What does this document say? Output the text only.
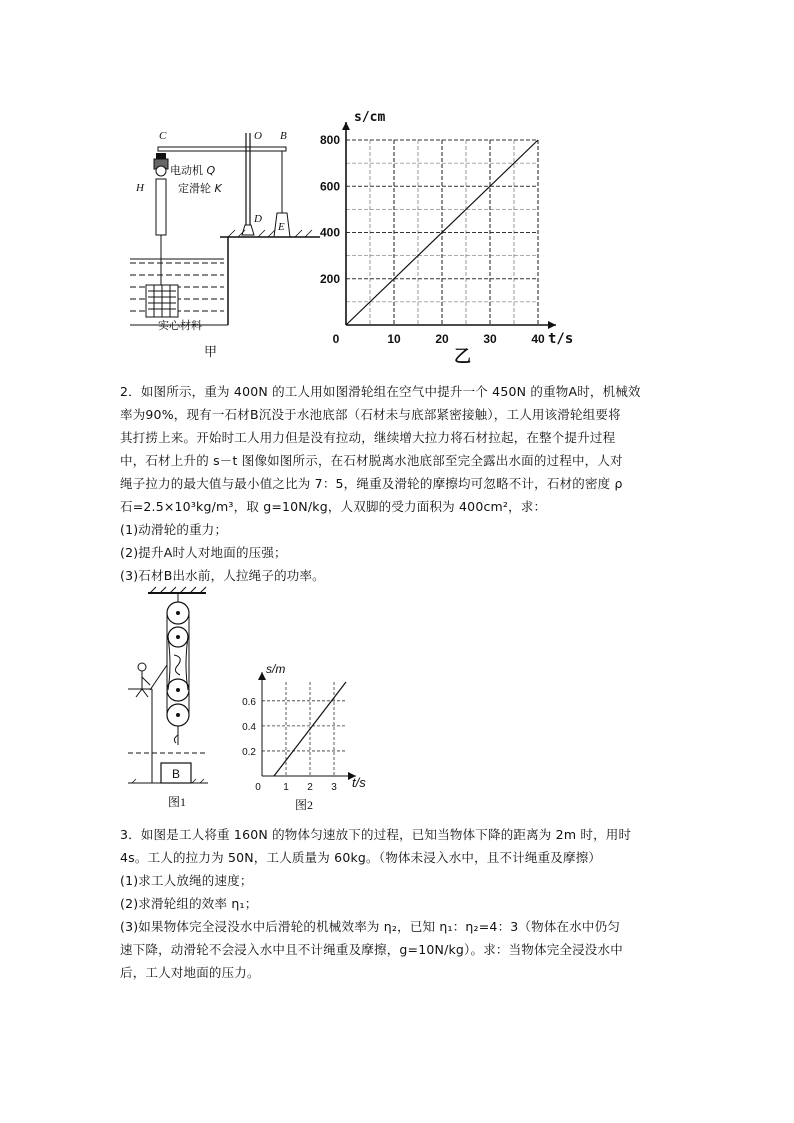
C	O B
电动机 Q
H	定滑轮 K
D
E
实心材料
甲
0	10	20	30	40
200
400
600
800
s/cm
t/s
乙
2．如图所示，重为 400N 的工人用如图滑轮组在空气中提升一个 450N 的重物A时，机械效
率为90%，现有一石材B沉没于水池底部（石材未与底部紧密接触），工人用该滑轮组要将
其打捞上来。开始时工人用力但是没有拉动，继续增大拉力将石材拉起，在整个提升过程
中，石材上升的 s－t 图像如图所示，在石材脱离水池底部至完全露出水面的过程中，人对
绳子拉力的最大值与最小值之比为 7：5，绳重及滑轮的摩擦均可忽略不计，石材的密度 ρ
石=2.5×10³kg/m³，取 g=10N/kg，人双脚的受力面积为 400cm²，求：
(1)动滑轮的重力；
(2)提升A时人对地面的压强；
(3)石材B出水前，人拉绳子的功率。
B
图1
0 1 2 3
0.2
0.4
0.6
s/m
t/s
图2
3．如图是工人将重 160N 的物体匀速放下的过程，已知当物体下降的距离为 2m 时，用时
4s。工人的拉力为 50N，工人质量为 60kg。（物体未浸入水中，且不计绳重及摩擦）
(1)求工人放绳的速度；
(2)求滑轮组的效率 η₁；
(3)如果物体完全浸没水中后滑轮的机械效率为 η₂，已知 η₁：η₂=4：3（物体在水中仍匀
速下降，动滑轮不会浸入水中且不计绳重及摩擦，g=10N/kg）。求：当物体完全浸没水中
后，工人对地面的压力。
